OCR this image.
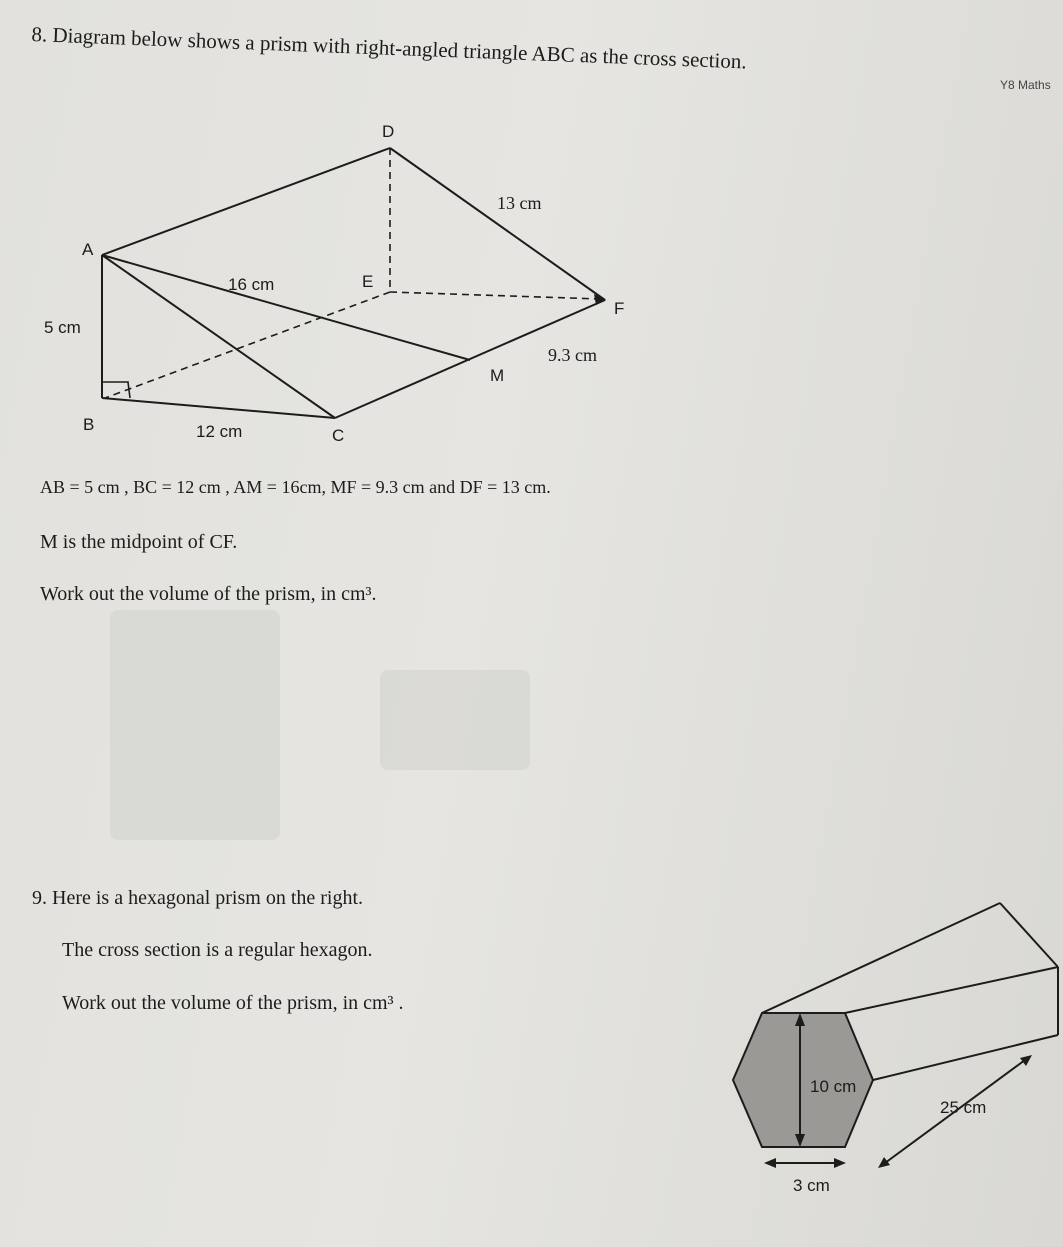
Y8 Maths
8. Diagram below shows a prism with right-angled triangle ABC as the cross section.
D
A
E
F
M
B
C
13 cm
16 cm
5 cm
9.3 cm
12 cm
AB = 5 cm , BC = 12 cm , AM = 16cm, MF = 9.3 cm and DF = 13 cm.
M is the midpoint of CF.
Work out the volume of the prism, in cm³.
9. Here is a hexagonal prism on the right.
The cross section is a regular hexagon.
Work out the volume of the prism, in cm³ .
10 cm
25 cm
3 cm
